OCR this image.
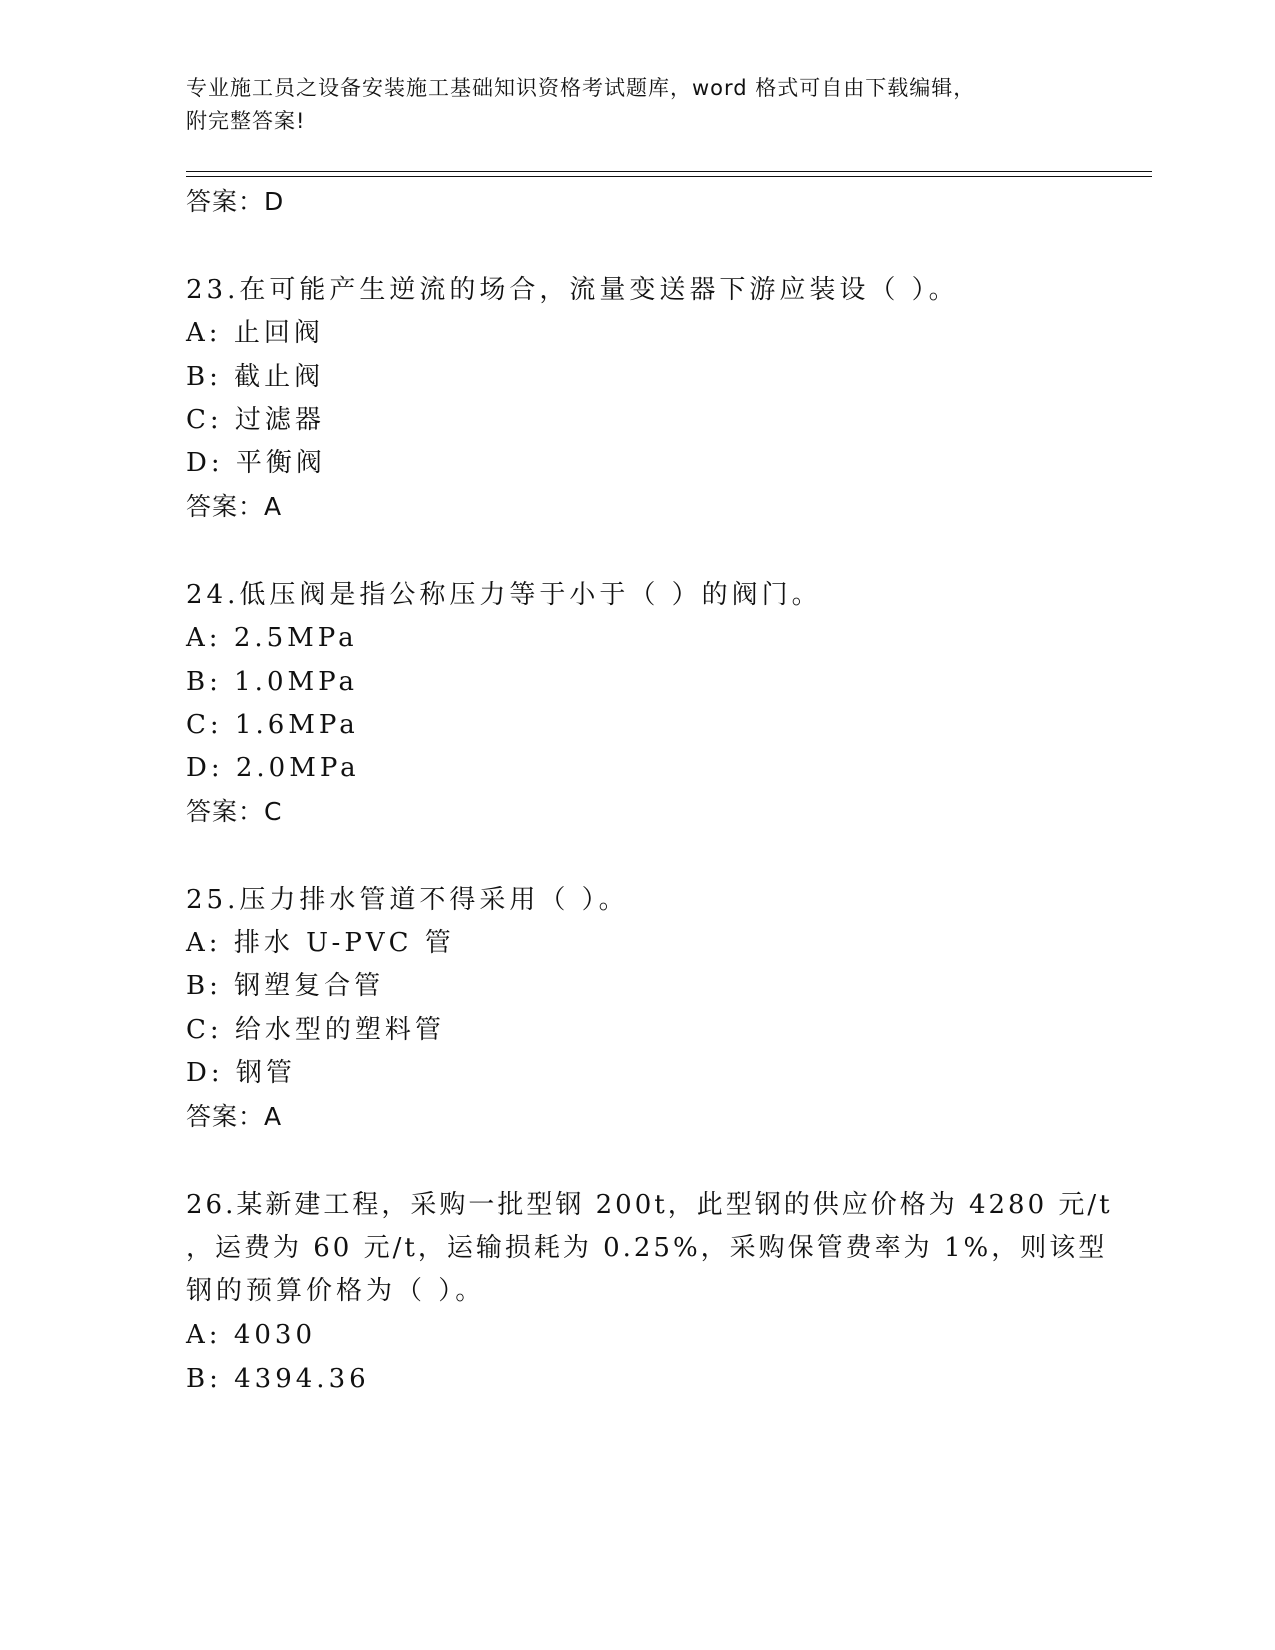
专业施工员之设备安装施工基础知识资格考试题库，word 格式可自由下载编辑，
附完整答案!
答案：D
23.在可能产生逆流的场合，流量变送器下游应装设（ ）。
A: 止回阀
B: 截止阀
C: 过滤器
D: 平衡阀
答案：A
24.低压阀是指公称压力等于小于（ ）的阀门。
A: 2.5MPa
B: 1.0MPa
C: 1.6MPa
D: 2.0MPa
答案：C
25.压力排水管道不得采用（ ）。
A: 排水 U-PVC 管
B: 钢塑复合管
C: 给水型的塑料管
D: 钢管
答案：A
26.某新建工程，采购一批型钢 200t，此型钢的供应价格为 4280 元/t
，运费为 60 元/t，运输损耗为 0.25%，采购保管费率为 1%，则该型
钢的预算价格为（ ）。
A: 4030
B: 4394.36
